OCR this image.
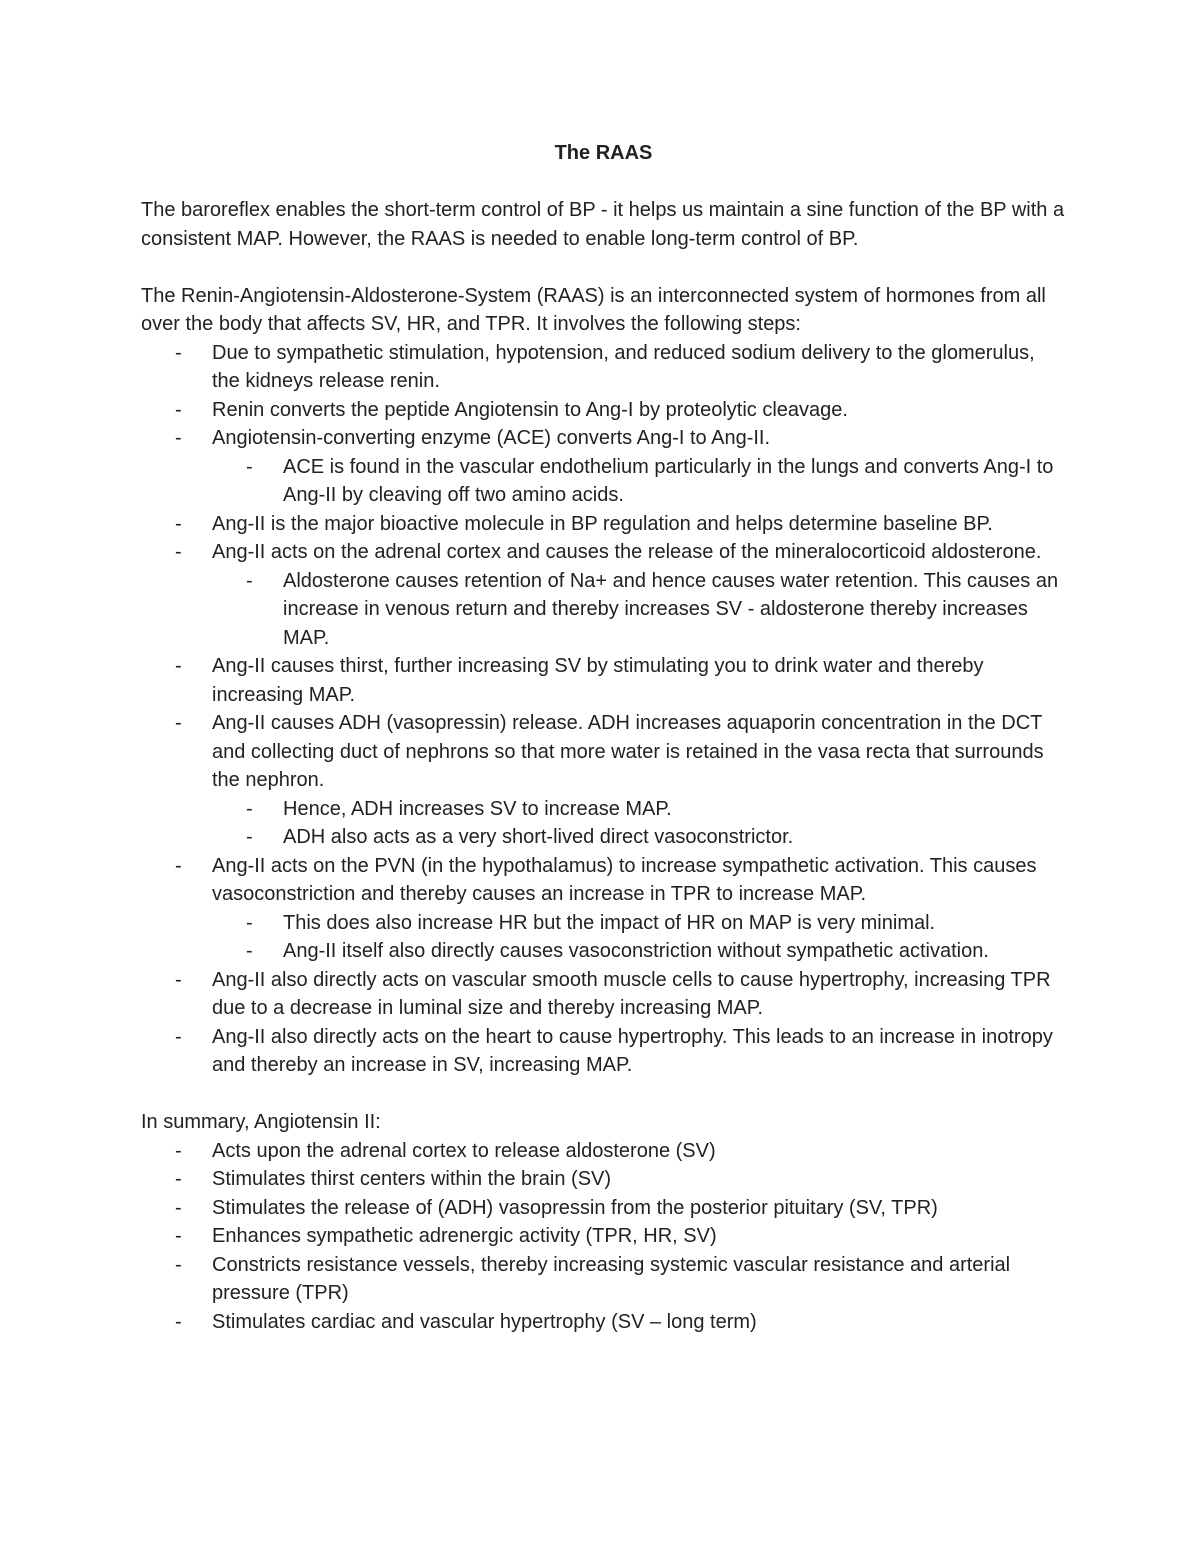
The RAAS

The baroreflex enables the short-term control of BP - it helps us maintain a sine function of the BP with a consistent MAP. However, the RAAS is needed to enable long-term control of BP.

The Renin-Angiotensin-Aldosterone-System (RAAS) is an interconnected system of hormones from all over the body that affects SV, HR, and TPR. It involves the following steps:

- Due to sympathetic stimulation, hypotension, and reduced sodium delivery to the glomerulus, the kidneys release renin.
- Renin converts the peptide Angiotensin to Ang-I by proteolytic cleavage.
- Angiotensin-converting enzyme (ACE) converts Ang-I to Ang-II.
- ACE is found in the vascular endothelium particularly in the lungs and converts Ang-I to Ang-II by cleaving off two amino acids.
- Ang-II is the major bioactive molecule in BP regulation and helps determine baseline BP.
- Ang-II acts on the adrenal cortex and causes the release of the mineralocorticoid aldosterone.
- Aldosterone causes retention of Na+ and hence causes water retention. This causes an increase in venous return and thereby increases SV - aldosterone thereby increases MAP.
- Ang-II causes thirst, further increasing SV by stimulating you to drink water and thereby increasing MAP.
- Ang-II causes ADH (vasopressin) release. ADH increases aquaporin concentration in the DCT and collecting duct of nephrons so that more water is retained in the vasa recta that surrounds the nephron.
- Hence, ADH increases SV to increase MAP.
- ADH also acts as a very short-lived direct vasoconstrictor.
- Ang-II acts on the PVN (in the hypothalamus) to increase sympathetic activation. This causes vasoconstriction and thereby causes an increase in TPR to increase MAP.
- This does also increase HR but the impact of HR on MAP is very minimal.
- Ang-II itself also directly causes vasoconstriction without sympathetic activation.
- Ang-II also directly acts on vascular smooth muscle cells to cause hypertrophy, increasing TPR due to a decrease in luminal size and thereby increasing MAP.
- Ang-II also directly acts on the heart to cause hypertrophy. This leads to an increase in inotropy and thereby an increase in SV, increasing MAP.

In summary, Angiotensin II:

- Acts upon the adrenal cortex to release aldosterone (SV)
- Stimulates thirst centers within the brain (SV)
- Stimulates the release of (ADH) vasopressin from the posterior pituitary (SV, TPR)
- Enhances sympathetic adrenergic activity (TPR, HR, SV)
- Constricts resistance vessels, thereby increasing systemic vascular resistance and arterial pressure (TPR)
- Stimulates cardiac and vascular hypertrophy (SV – long term)
